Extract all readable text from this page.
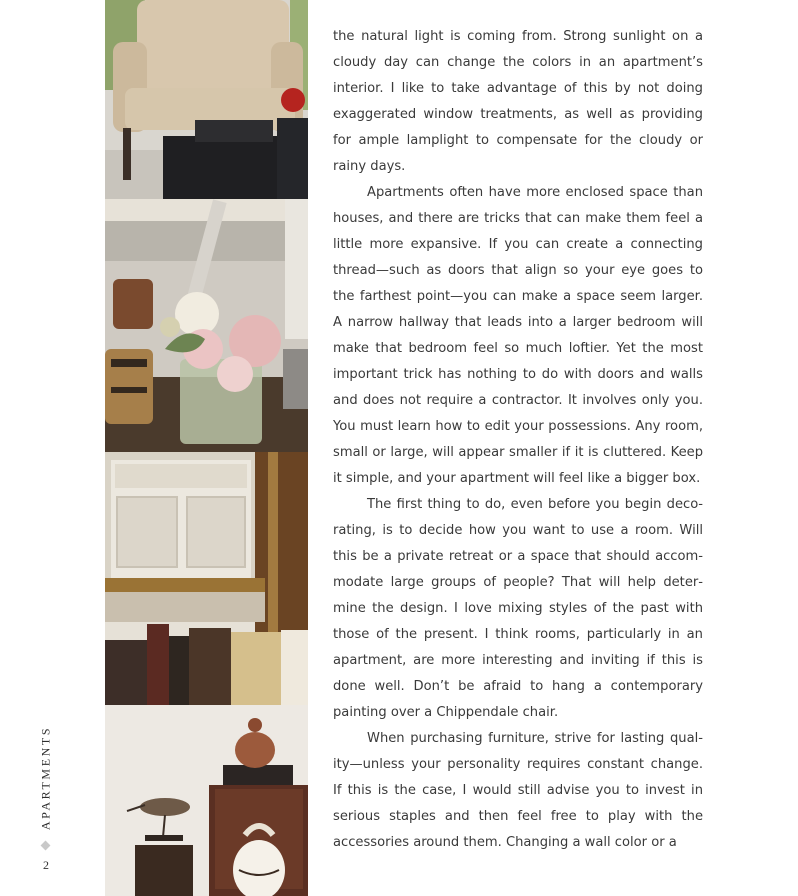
APARTMENTS
2

the natural light is coming from. Strong sunlight on a cloudy day can change the colors in an apartment’s interior. I like to take advantage of this by not doing exaggerated window treatments, as well as providing for ample lamplight to compensate for the cloudy or rainy days.

Apartments often have more enclosed space than houses, and there are tricks that can make them feel a little more expansive. If you can create a connecting thread—such as doors that align so your eye goes to the farthest point—you can make a space seem larger. A narrow hallway that leads into a larger bedroom will make that bedroom feel so much loftier. Yet the most important trick has nothing to do with doors and walls and does not require a contractor. It involves only you. You must learn how to edit your possessions. Any room, small or large, will appear smaller if it is cluttered. Keep it simple, and your apartment will feel like a bigger box.

The first thing to do, even before you begin decorating, is to decide how you want to use a room. Will this be a private retreat or a space that should accommodate large groups of people? That will help determine the design. I love mixing styles of the past with those of the present. I think rooms, particularly in an apartment, are more interesting and inviting if this is done well. Don’t be afraid to hang a contemporary painting over a Chippendale chair.

When purchasing furniture, strive for lasting quality—unless your personality requires constant change. If this is the case, I would still advise you to invest in serious staples and then feel free to play with the accessories around them. Changing a wall color or a
